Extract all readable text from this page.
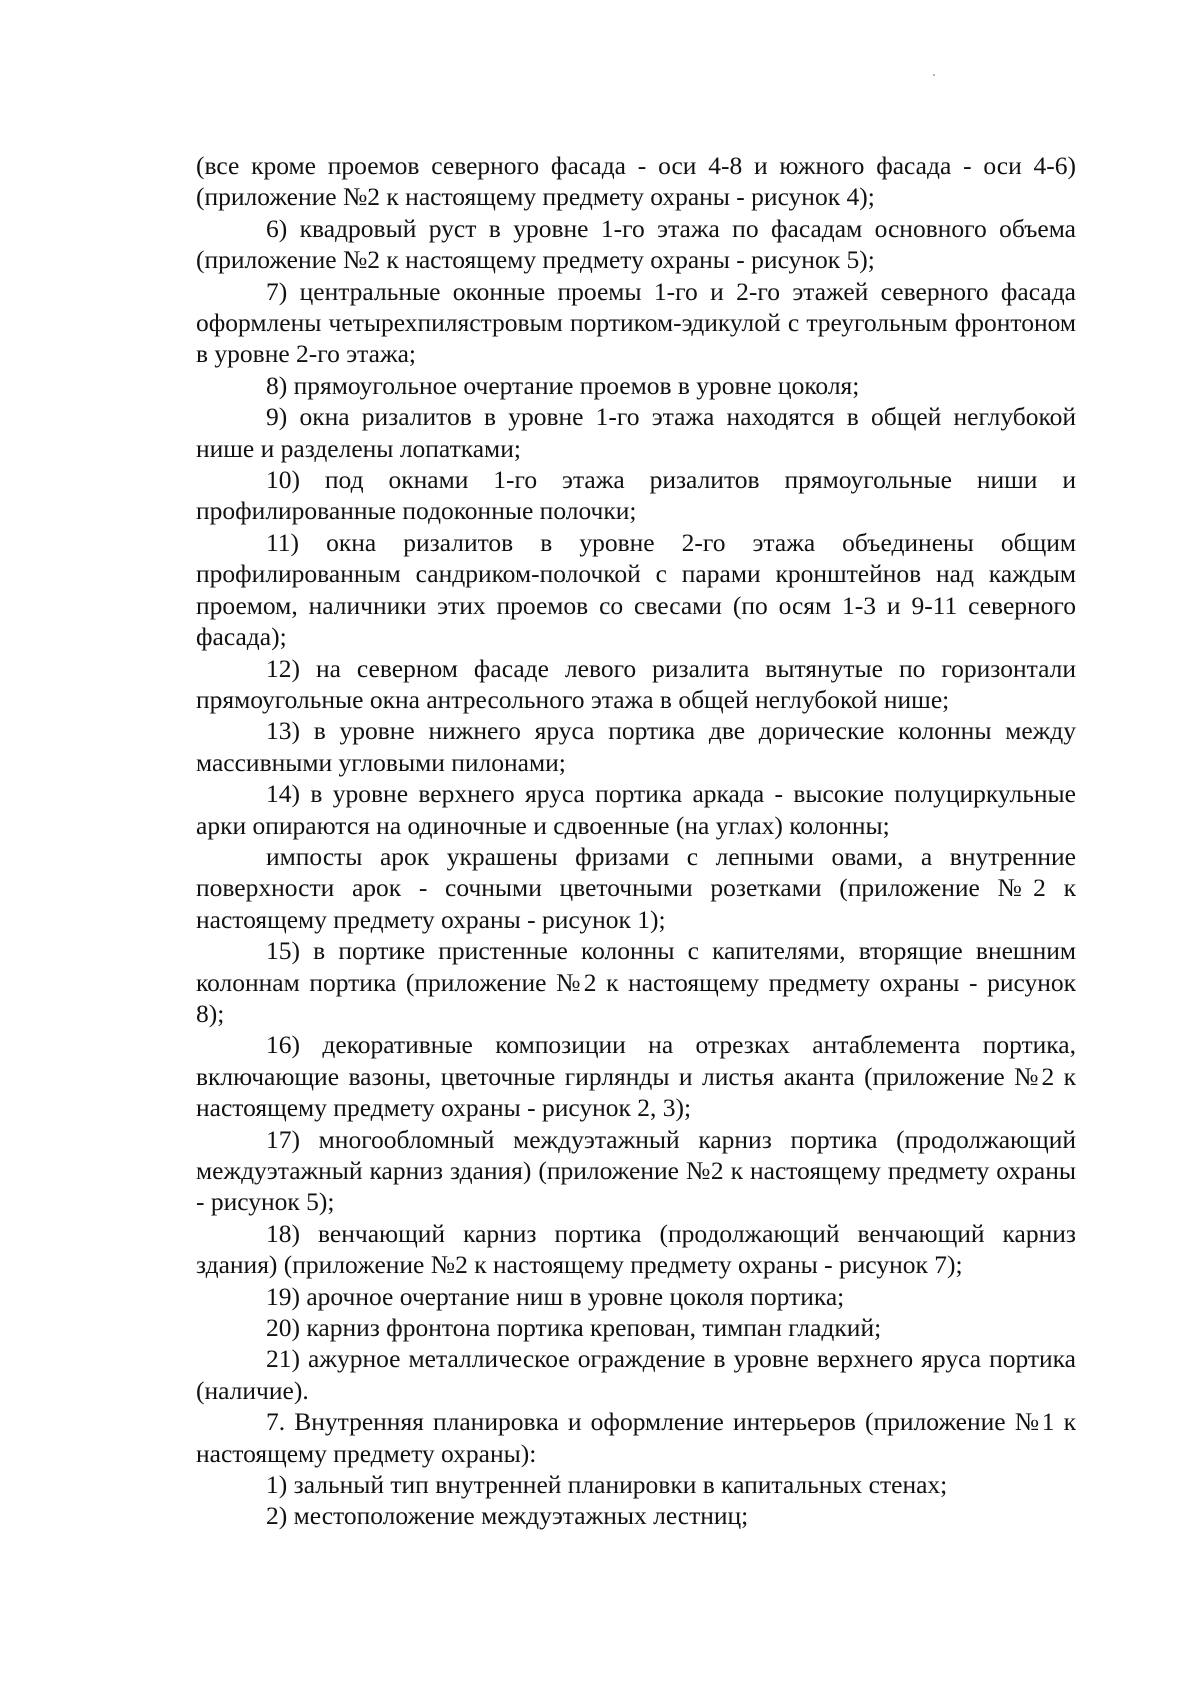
(все кроме проемов северного фасада - оси 4-8 и южного фасада - оси 4-6) (приложение №2 к настоящему предмету охраны - рисунок 4);

6) квадровый руст в уровне 1-го этажа по фасадам основного объема (приложение №2 к настоящему предмету охраны - рисунок 5);

7) центральные оконные проемы 1-го и 2-го этажей северного фасада оформлены четырехпилястровым портиком-эдикулой с треугольным фронтоном в уровне 2-го этажа;

8) прямоугольное очертание проемов в уровне цоколя;

9) окна ризалитов в уровне 1-го этажа находятся в общей неглубокой нише и разделены лопатками;

10) под окнами 1-го этажа ризалитов прямоугольные ниши и профилированные подоконные полочки;

11) окна ризалитов в уровне 2-го этажа объединены общим профилированным сандриком-полочкой с парами кронштейнов над каждым проемом, наличники этих проемов со свесами (по осям 1-3 и 9-11 северного фасада);

12) на северном фасаде левого ризалита вытянутые по горизонтали прямоугольные окна антресольного этажа в общей неглубокой нише;

13) в уровне нижнего яруса портика две дорические колонны между массивными угловыми пилонами;

14) в уровне верхнего яруса портика аркада - высокие полуциркульные арки опираются на одиночные и сдвоенные (на углах) колонны;

импосты арок украшены фризами с лепными овами, а внутренние поверхности арок - сочными цветочными розетками (приложение №2 к настоящему предмету охраны - рисунок 1);

15) в портике пристенные колонны с капителями, вторящие внешним колоннам портика (приложение №2 к настоящему предмету охраны - рисунок 8);

16) декоративные композиции на отрезках антаблемента портика, включающие вазоны, цветочные гирлянды и листья аканта (приложение №2 к настоящему предмету охраны - рисунок 2, 3);

17) многообломный междуэтажный карниз портика (продолжающий междуэтажный карниз здания) (приложение №2 к настоящему предмету охраны - рисунок 5);

18) венчающий карниз портика (продолжающий венчающий карниз здания) (приложение №2 к настоящему предмету охраны - рисунок 7);

19) арочное очертание ниш в уровне цоколя портика;

20) карниз фронтона портика крепован, тимпан гладкий;

21) ажурное металлическое ограждение в уровне верхнего яруса портика (наличие).

7. Внутренняя планировка и оформление интерьеров (приложение №1 к настоящему предмету охраны):

1) зальный тип внутренней планировки в капитальных стенах;

2) местоположение междуэтажных лестниц;
